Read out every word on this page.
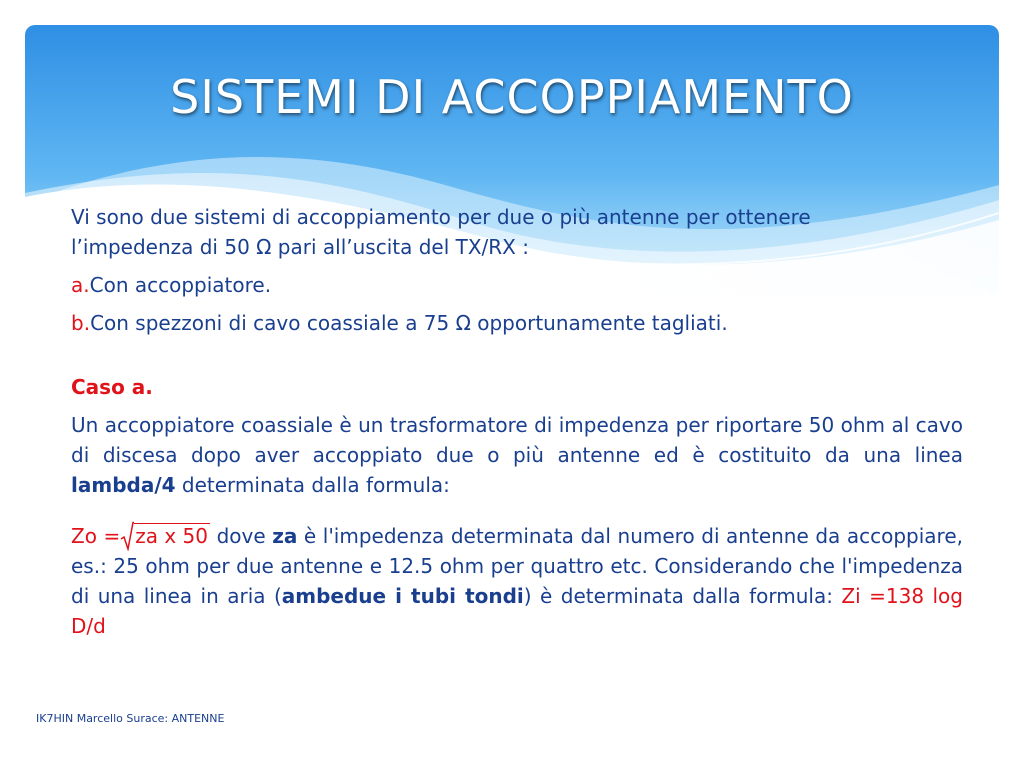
SISTEMI DI ACCOPPIAMENTO

Vi sono due sistemi di accoppiamento per due o più antenne per ottenere

l’impedenza di 50 Ω pari all’uscita del TX/RX :

a.Con accoppiatore.

b.Con spezzoni di cavo coassiale a 75 Ω opportunamente tagliati.

Caso a.

Un accoppiatore coassiale è un trasformatore di impedenza per riportare 50 ohm al cavo di discesa dopo aver accoppiato due o più antenne ed è costituito da una linea lambda/4 determinata dalla formula:

Zo = za x 50 dove za è l'impedenza determinata dal numero di antenne da accoppiare, es.: 25 ohm per due antenne e 12.5 ohm per quattro etc. Considerando che l'impedenza di una linea in aria (ambedue i tubi tondi) è determinata dalla formula: Zi =138 log D/d

IK7HIN Marcello Surace: ANTENNE
